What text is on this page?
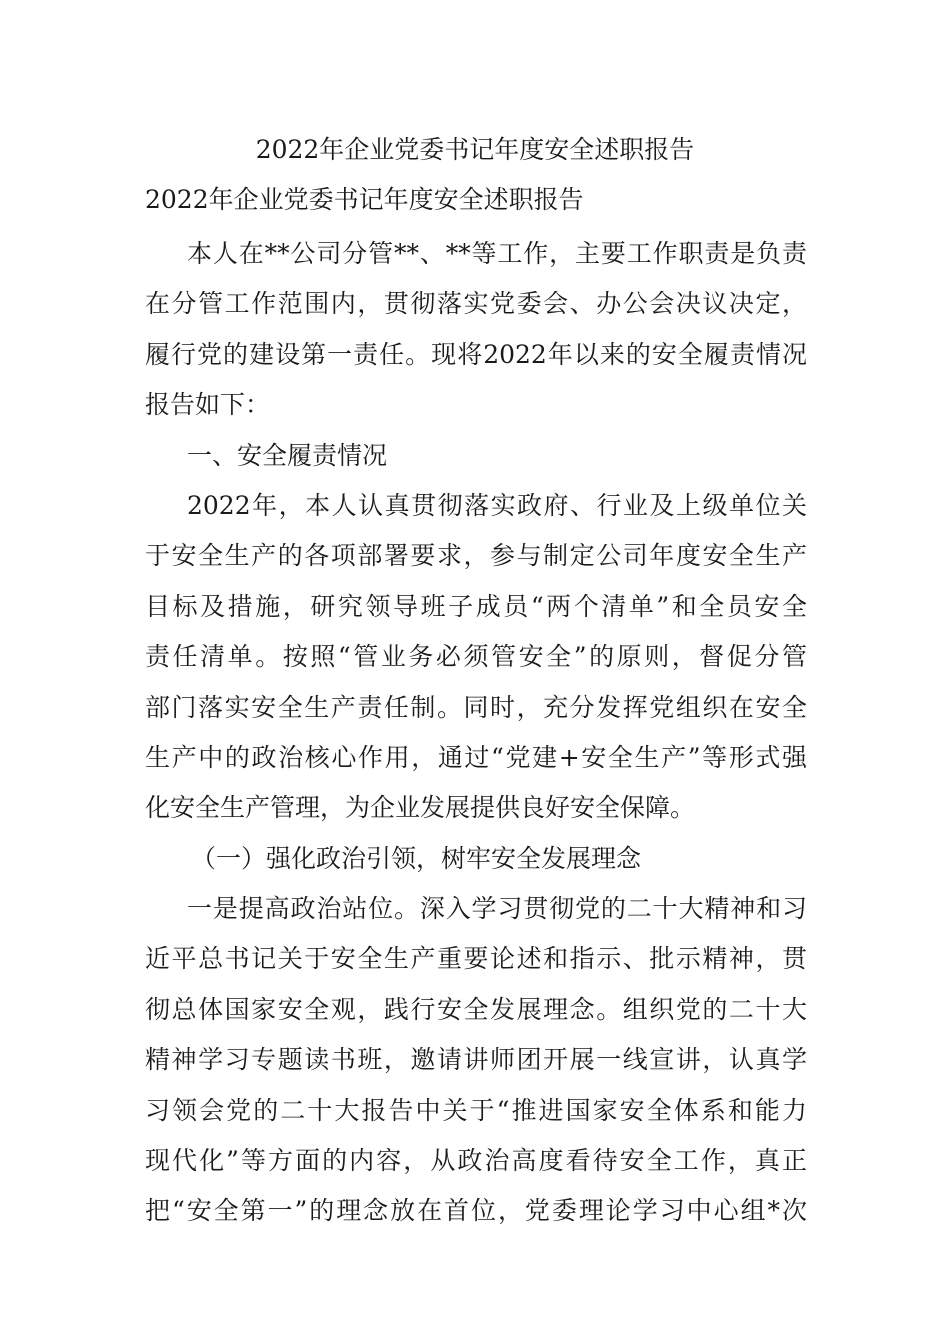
2022年企业党委书记年度安全述职报告
2022年企业党委书记年度安全述职报告
本人在**公司分管**、**等工作，主要工作职责是负责
在分管工作范围内，贯彻落实党委会、办公会决议决定，
履行党的建设第一责任。现将2022年以来的安全履责情况
报告如下：
一、安全履责情况
2022年，本人认真贯彻落实政府、行业及上级单位关
于安全生产的各项部署要求，参与制定公司年度安全生产
目标及措施，研究领导班子成员“两个清单”和全员安全
责任清单。按照“管业务必须管安全”的原则，督促分管
部门落实安全生产责任制。同时，充分发挥党组织在安全
生产中的政治核心作用，通过“党建+安全生产”等形式强
化安全生产管理，为企业发展提供良好安全保障。
（一）强化政治引领，树牢安全发展理念
一是提高政治站位。深入学习贯彻党的二十大精神和习
近平总书记关于安全生产重要论述和指示、批示精神，贯
彻总体国家安全观，践行安全发展理念。组织党的二十大
精神学习专题读书班，邀请讲师团开展一线宣讲，认真学
习领会党的二十大报告中关于“推进国家安全体系和能力
现代化”等方面的内容，从政治高度看待安全工作，真正
把“安全第一”的理念放在首位，党委理论学习中心组*次
